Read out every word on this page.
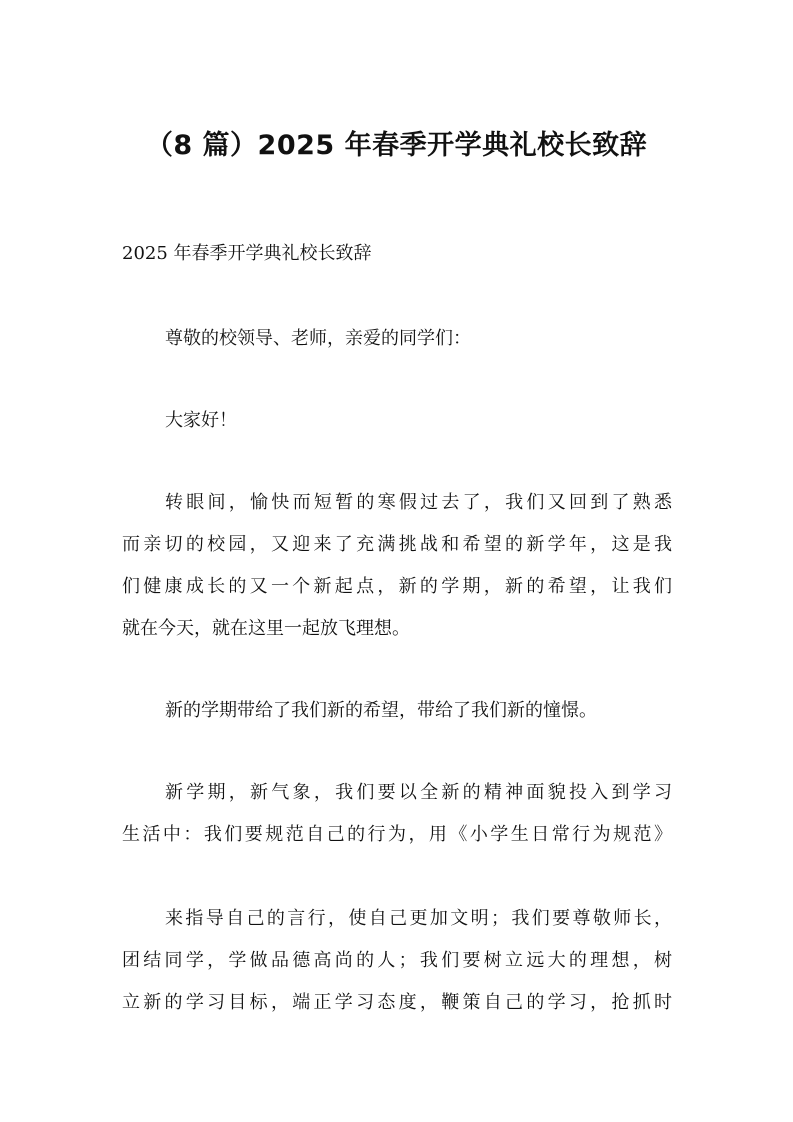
（8 篇）2025 年春季开学典礼校长致辞
2025 年春季开学典礼校长致辞
尊敬的校领导、老师，亲爱的同学们：
大家好！
转眼间，愉快而短暂的寒假过去了，我们又回到了熟悉
而亲切的校园，又迎来了充满挑战和希望的新学年，这是我
们健康成长的又一个新起点，新的学期，新的希望，让我们
就在今天，就在这里一起放飞理想。
新的学期带给了我们新的希望，带给了我们新的憧憬。
新学期，新气象，我们要以全新的精神面貌投入到学习
生活中：我们要规范自己的行为，用《小学生日常行为规范》
来指导自己的言行，使自己更加文明；我们要尊敬师长，
团结同学，学做品德高尚的人；我们要树立远大的理想，树
立新的学习目标，端正学习态度，鞭策自己的学习，抢抓时
